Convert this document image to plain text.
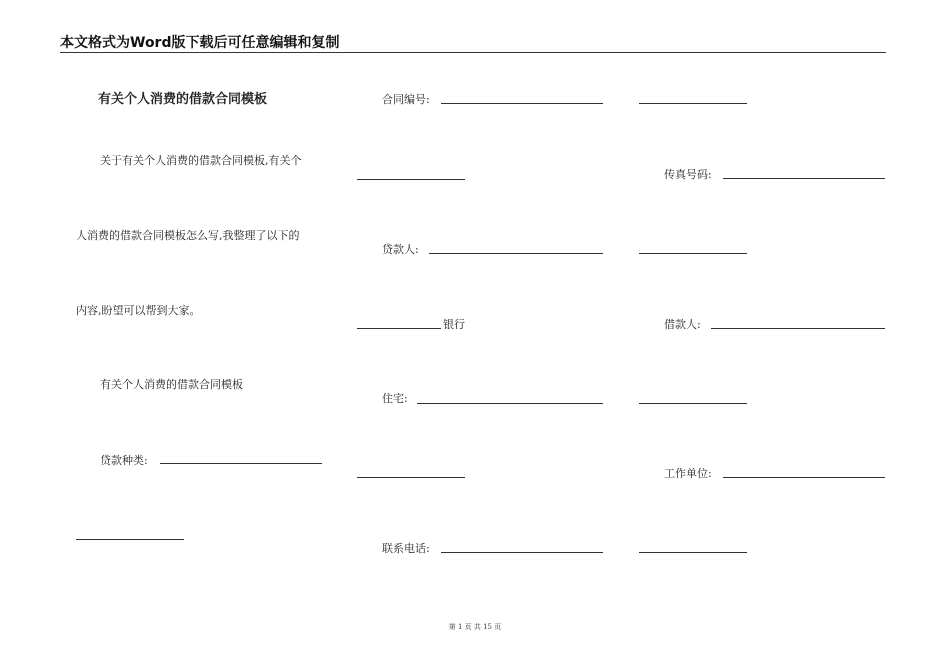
本文格式为Word版下载后可任意编辑和复制
有关个人消费的借款合同模板
关于有关个人消费的借款合同模板,有关个
人消费的借款合同模板怎么写,我整理了以下的
内容,盼望可以帮到大家。
有关个人消费的借款合同模板
贷款种类:
合同编号:
贷款人:
银行
住宅:
联系电话:
传真号码:
借款人:
工作单位:
第 1 页 共 15 页
